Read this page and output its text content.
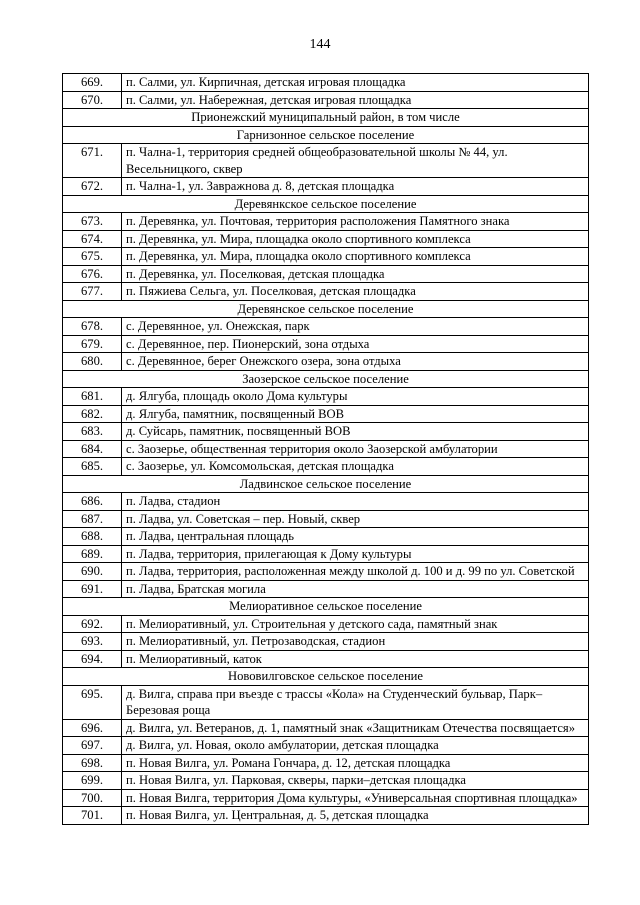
144
669.	п. Салми, ул. Кирпичная, детская игровая площадка
670.	п. Салми, ул. Набережная, детская игровая площадка
Прионежский муниципальный район, в том числе	
Гарнизонное сельское поселение	
671.	п. Чална-1, территория средней общеобразовательной школы № 44, ул. Весельницкого, сквер
672.	п. Чална-1, ул. Завражнова д. 8, детская площадка
Деревянкское сельское поселение	
673.	п. Деревянка, ул. Почтовая, территория расположения Памятного знака
674.	п. Деревянка, ул. Мира, площадка около спортивного комплекса
675.	п. Деревянка, ул. Мира, площадка около спортивного комплекса
676.	п. Деревянка, ул. Поселковая, детская площадка
677.	п. Пяжиева Сельга, ул. Поселковая, детская площадка
Деревянское сельское поселение	
678.	с. Деревянное, ул. Онежская, парк
679.	с. Деревянное, пер. Пионерский, зона отдыха
680.	с. Деревянное, берег Онежского озера, зона отдыха
Заозерское сельское поселение	
681.	д. Ялгуба, площадь около Дома культуры
682.	д. Ялгуба, памятник, посвященный ВОВ
683.	д. Суйсарь, памятник, посвященный ВОВ
684.	с. Заозерье, общественная территория около Заозерской амбулатории
685.	с. Заозерье, ул. Комсомольская, детская площадка
Ладвинское сельское поселение	
686.	п. Ладва, стадион
687.	п. Ладва, ул. Советская – пер. Новый, сквер
688.	п. Ладва, центральная площадь
689.	п. Ладва, территория, прилегающая к Дому культуры
690.	п. Ладва, территория, расположенная между школой д. 100 и д. 99 по ул. Советской
691.	п. Ладва, Братская могила
Мелиоративное сельское поселение	
692.	п. Мелиоративный, ул. Строительная у детского сада, памятный знак
693.	п. Мелиоративный, ул. Петрозаводская, стадион
694.	п. Мелиоративный, каток
Нововилговское сельское поселение	
695.	д. Вилга, справа при въезде с трассы «Кола» на Студенческий бульвар, Парк–Березовая роща
696.	д. Вилга, ул. Ветеранов, д. 1, памятный знак «Защитникам Отечества посвящается»
697.	д. Вилга, ул. Новая, около амбулатории, детская площадка
698.	п. Новая Вилга, ул. Романа Гончара, д. 12, детская площадка
699.	п. Новая Вилга, ул. Парковая, скверы, парки–детская площадка
700.	п. Новая Вилга, территория Дома культуры, «Универсальная спортивная площадка»
701.	п. Новая Вилга, ул. Центральная, д. 5, детская площадка
